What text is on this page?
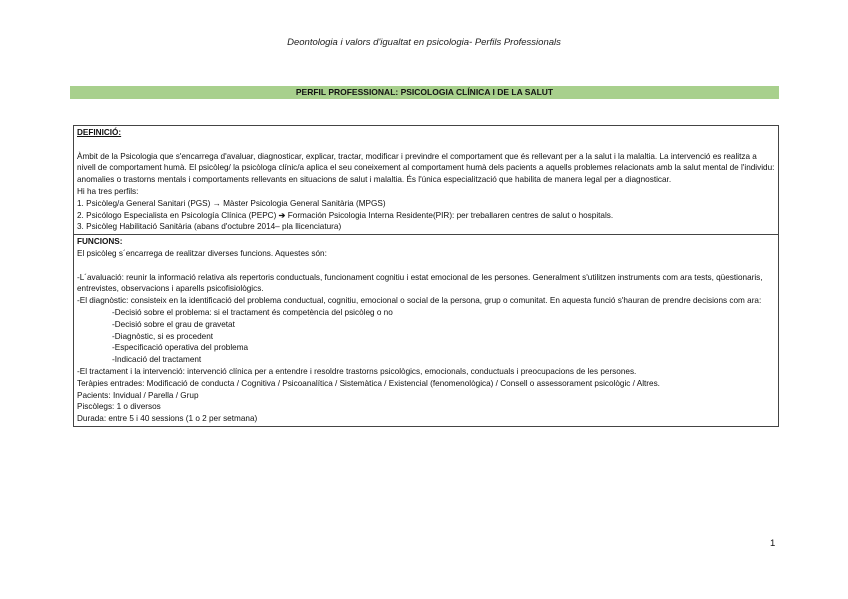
Deontologia i valors d'igualtat en psicologia- Perfils Professionals
PERFIL PROFESSIONAL: PSICOLOGIA CLÍNICA I DE LA SALUT

DEFINICIÓ:

Àmbit de la Psicologia que s'encarrega d'avaluar, diagnosticar, explicar, tractar, modificar i previndre el comportament que és rellevant per a la salut i la malaltia. La intervenció es realitza a nivell de comportament humà. El psicòleg/ la psicòloga clínic/a aplica el seu coneixement al comportament humà dels pacients a aquells problemes relacionats amb la salut mental de l'individu: anomalies o trastorns mentals i comportaments rellevants en situacions de salut i malaltia. És l'única especialització que habilita de manera legal per a diagnosticar.

Hi ha tres perfils:

1. Psicòleg/a General Sanitari (PGS) → Màster Psicologia General Sanitària (MPGS)

2. Psicólogo Especialista en Psicología Clínica (PEPC) ➔ Formación Psicologia Interna Residente(PIR): per treballaren centres de salut o hospitals.

3. Psicòleg Habilitació Sanitària (abans d'octubre 2014– pla llicenciatura)

FUNCIONS:

El psicòleg s´encarrega de realitzar diverses funcions. Aquestes són:

-L´avaluació: reunir la informació relativa als repertoris conductuals, funcionament cognitiu i estat emocional de les persones. Generalment s'utilitzen instruments com ara tests, qüestionaris, entrevistes, observacions i aparells psicofisiològics.

-El diagnòstic: consisteix en la identificació del problema conductual, cognitiu, emocional o social de la persona, grup o comunitat. En aquesta funció s'hauran de prendre decisions com ara:

-Decisió sobre el problema: si el tractament és competència del psicòleg o no

-Decisió sobre el grau de gravetat

-Diagnòstic, si es procedent

-Especificació operativa del problema

-Indicació del tractament

-El tractament i la intervenció: intervenció clínica per a entendre i resoldre trastorns psicològics, emocionals, conductuals i preocupacions de les persones.

Teràpies entrades: Modificació de conducta / Cognitiva / Psicoanalítica / Sistemàtica / Existencial (fenomenològica) / Consell o assessorament psicològic / Altres.

Pacients: Invidual / Parella / Grup

Piscòlegs: 1 o diversos

Durada: entre 5 i 40 sessions (1 o 2 per setmana)

1
